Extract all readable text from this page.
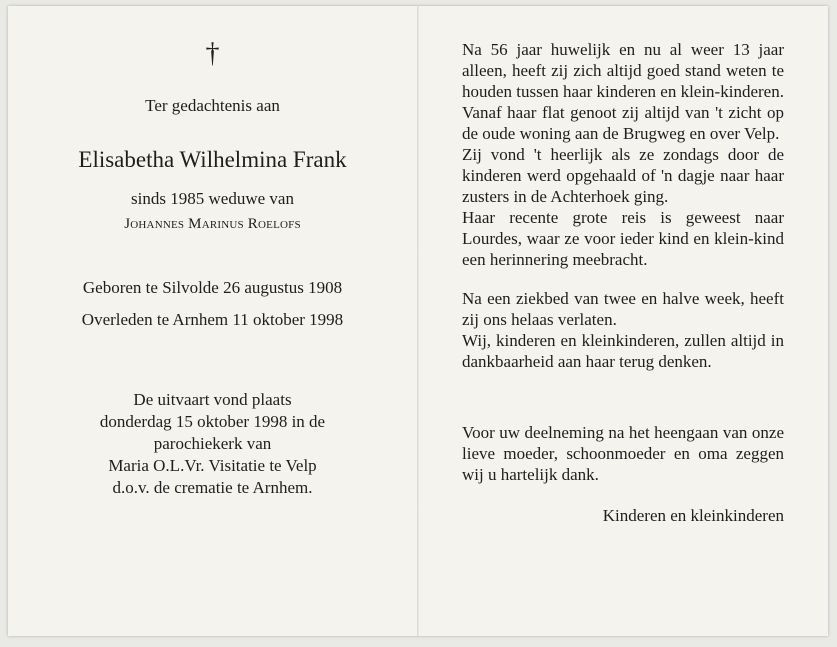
†
Ter gedachtenis aan
Elisabetha Wilhelmina Frank
sinds 1985 weduwe van
Johannes Marinus Roelofs
Geboren te Silvolde 26 augustus 1908
Overleden te Arnhem 11 oktober 1998
De uitvaart vond plaats
donderdag 15 oktober 1998 in de
parochiekerk van
Maria O.L.Vr. Visitatie te Velp
d.o.v. de crematie te Arnhem.

Na 56 jaar huwelijk en nu al weer 13 jaar alleen, heeft zij zich altijd goed stand weten te houden tussen haar kinderen en klein-kinderen.

Vanaf haar flat genoot zij altijd van 't zicht op de oude woning aan de Brugweg en over Velp.

Zij vond 't heerlijk als ze zondags door de kinderen werd opgehaald of 'n dagje naar haar zusters in de Achterhoek ging.

Haar recente grote reis is geweest naar Lourdes, waar ze voor ieder kind en klein-kind een herinnering meebracht.

Na een ziekbed van twee en halve week, heeft zij ons helaas verlaten.

Wij, kinderen en kleinkinderen, zullen altijd in dankbaarheid aan haar terug denken.

Voor uw deelneming na het heengaan van onze lieve moeder, schoonmoeder en oma zeggen wij u hartelijk dank.

Kinderen en kleinkinderen
